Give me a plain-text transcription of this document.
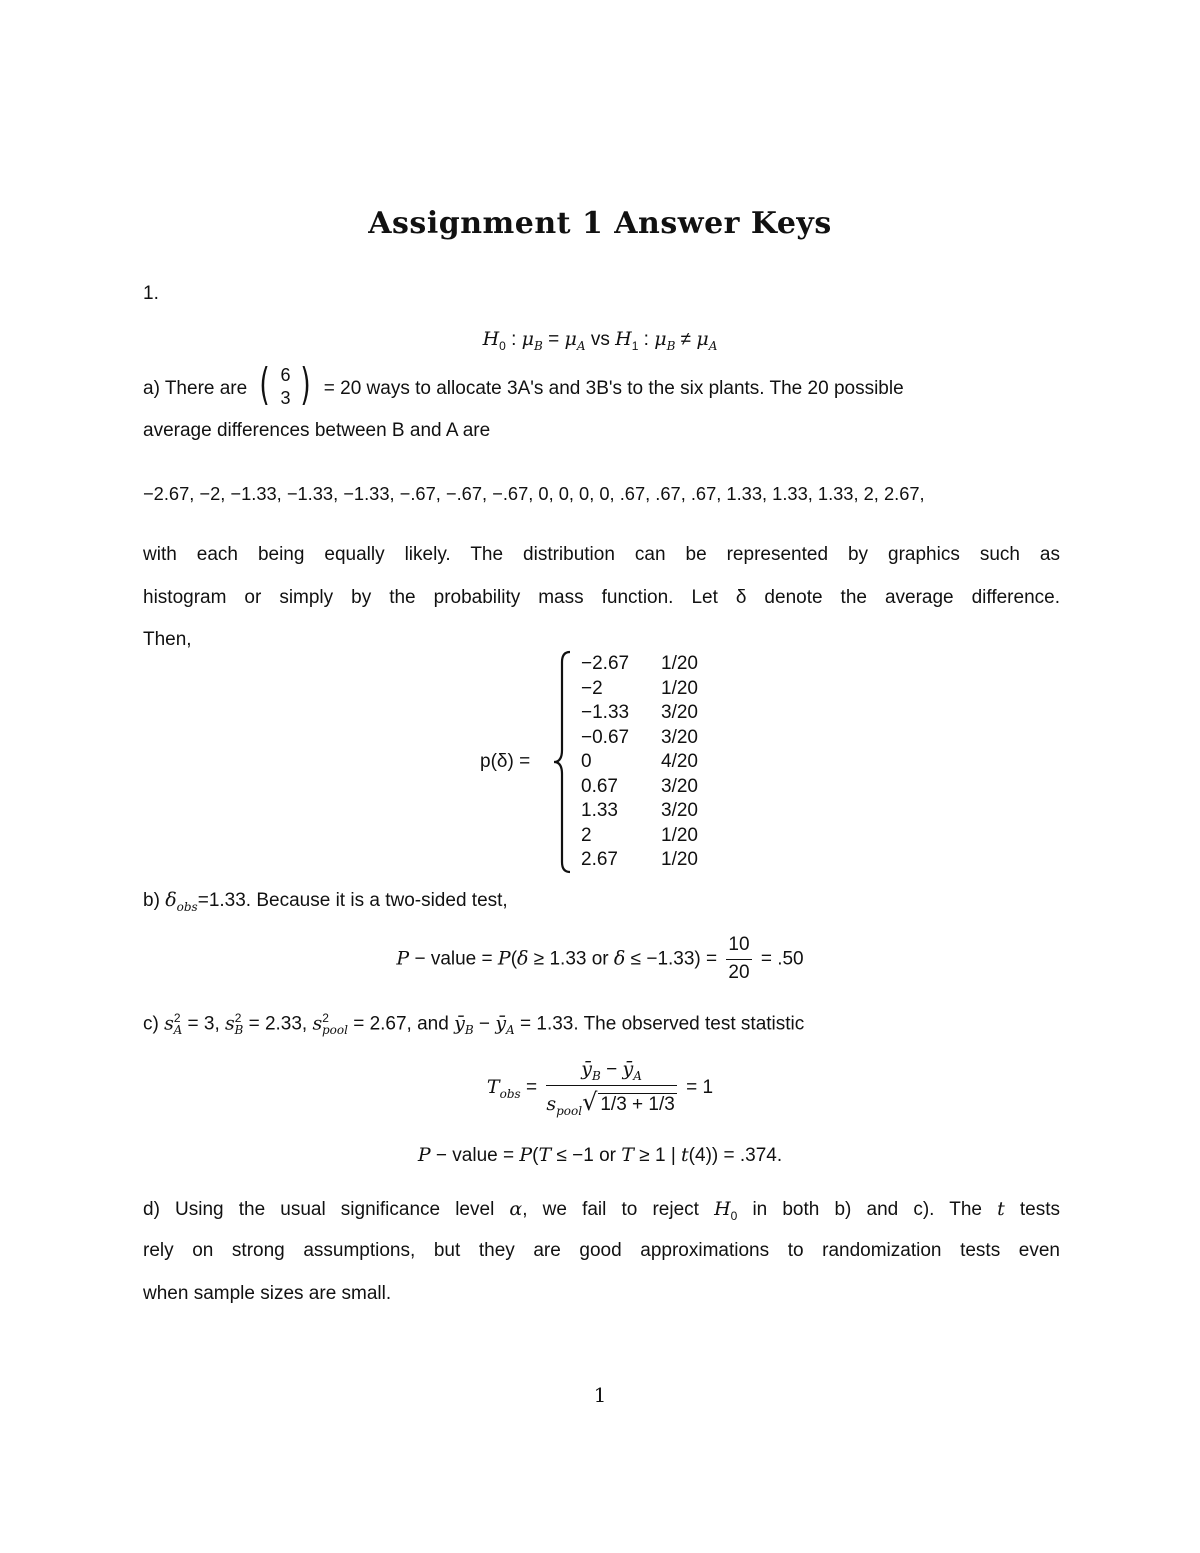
Assignment 1 Answer Keys
1.
$H_0$ : $\mu_B = \mu_A$ vs $H_1$ : $\mu_B \ne \mu_A$
a) There are ( 6
3 ) = 20 ways to allocate 3A's and 3B's to the six plants. The 20 possible
average differences between B and A are
−2.67, −2, −1.33, −1.33, −1.33, −.67, −.67, −.67, 0, 0, 0, 0, .67, .67, .67, 1.33, 1.33, 1.33, 2, 2.67,
with each being equally likely. The distribution can be represented by graphics such as
histogram or simply by the probability mass function. Let δ denote the average difference.
Then,
p(δ) =
−2.67	1/20
−2	1/20
−1.33	3/20
−0.67	3/20
0	4/20
0.67	3/20
1.33	3/20
2	1/20
2.67	1/20
b) $\delta_{obs}=1.33$. Because it is a two-sided test,
P − value = P(δ ≥ 1.33 or $\delta \le -1.33) = \frac{10}{20} = .50$
c) $s^2_A = 3$, $s^2_B = 2.33$, $s^2_{pool} = 2.67$, and $ȳ_B$ − $ȳ_A = 1.33$. The observed test statistic
$T_{obs} = \frac{ȳ_B - ȳ_A}{s_{pool}√ 1/3 + 1/3} = 1$
P − value = P(T ≤ −1 or T ≥ 1 | t(4)) = .374.
d) Using the usual significance level α, we fail to reject $H_0$ in both b) and c). The t tests
rely on strong assumptions, but they are good approximations to randomization tests even
when sample sizes are small.
1
